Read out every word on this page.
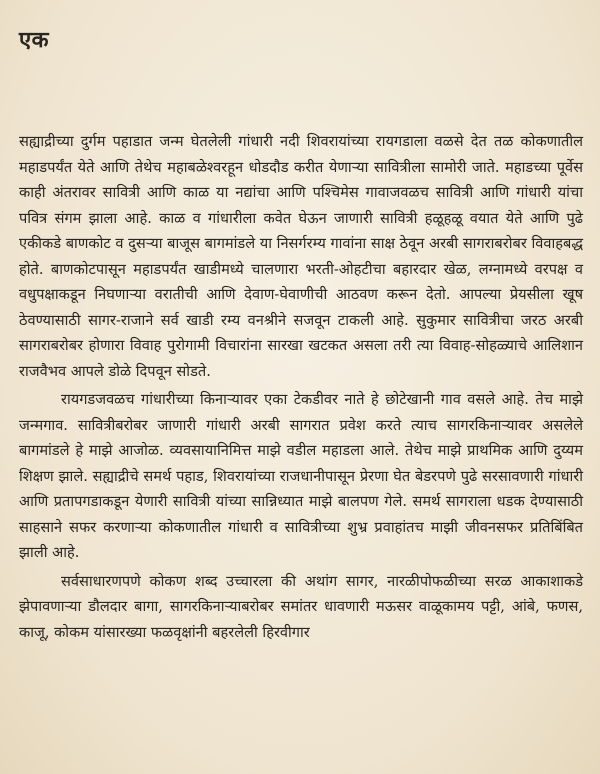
एक

सह्याद्रीच्या दुर्गम पहाडात जन्म घेतलेली गांधारी नदी शिवरायांच्या रायगडाला वळसे देत तळ कोकणातील महाडपर्यंत येते आणि तेथेच महाबळेश्वरहून धोडदौड करीत येणाऱ्या सावित्रीला सामोरी जाते. महाडच्या पूर्वेस काही अंतरावर सावित्री आणि काळ या नद्यांचा आणि पश्चिमेस गावाजवळच सावित्री आणि गांधारी यांचा पवित्र संगम झाला आहे. काळ व गांधारीला कवेत घेऊन जाणारी सावित्री हळूहळू वयात येते आणि पुढे एकीकडे बाणकोट व दुसऱ्या बाजूस बागमांडले या निसर्गरम्य गावांना साक्ष ठेवून अरबी सागराबरोबर विवाहबद्ध होते. बाणकोटपासून महाडपर्यंत खाडीमध्ये चालणारा भरती-ओहटीचा बहारदार खेळ, लग्नामध्ये वरपक्ष व वधुपक्षाकडून निघणाऱ्या वरातीची आणि देवाण-घेवाणीची आठवण करून देतो. आपल्या प्रेयसीला खूष ठेवण्यासाठी सागर-राजाने सर्व खाडी रम्य वनश्रीने सजवून टाकली आहे. सुकुमार सावित्रीचा जरठ अरबी सागराबरोबर होणारा विवाह पुरोगामी विचारांना सारखा खटकत असला तरी त्या विवाह-सोहळ्याचे आलिशान राजवैभव आपले डोळे दिपवून सोडते.

रायगडजवळच गांधारीच्या किनाऱ्यावर एका टेकडीवर नाते हे छोटेखानी गाव वसले आहे. तेच माझे जन्मगाव. सावित्रीबरोबर जाणारी गांधारी अरबी सागरात प्रवेश करते त्याच सागरकिनाऱ्यावर असलेले बागमांडले हे माझे आजोळ. व्यवसायानिमित्त माझे वडील महाडला आले. तेथेच माझे प्राथमिक आणि दुय्यम शिक्षण झाले. सह्याद्रीचे समर्थ पहाड, शिवरायांच्या राजधानीपासून प्रेरणा घेत बेडरपणे पुढे सरसावणारी गांधारी आणि प्रतापगडाकडून येणारी सावित्री यांच्या सान्निध्यात माझे बालपण गेले. समर्थ सागराला धडक देण्यासाठी साहसाने सफर करणाऱ्या कोकणातील गांधारी व सावित्रीच्या शुभ्र प्रवाहांतच माझी जीवनसफर प्रतिबिंबित झाली आहे.

सर्वसाधारणपणे कोकण शब्द उच्चारला की अथांग सागर, नारळीपोफळीच्या सरळ आकाशाकडे झेपावणाऱ्या डौलदार बागा, सागरकिनाऱ्याबरोबर समांतर धावणारी मऊसर वाळूकामय पट्टी, आंबे, फणस, काजू, कोकम यांसारख्या फळवृक्षांनी बहरलेली हिरवीगार
